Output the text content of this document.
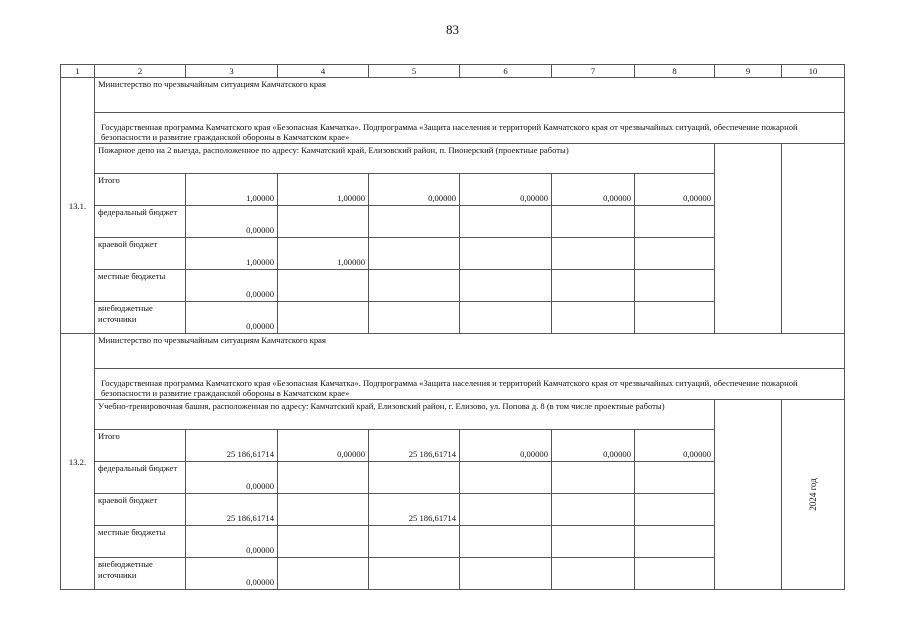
83
1	2	3	4	5	6	7	8	9	10
13.1.	Министерство по чрезвычайным ситуациям Камчатского края								
	Государственная программа Камчатского края «Безопасная Камчатка». Подпрограмма «Защита населения и территорий Камчатского края от чрезвычайных ситуаций, обеспечение пожарной безопасности и развитие гражданской обороны в Камчатском крае»								
	Пожарное депо на 2 выезда, расположенное по адресу: Камчатский край, Елизовский район, п. Пионерский (проектные работы)								
	Итого	1,00000	1,00000	0,00000	0,00000	0,00000	0,00000		
	федеральный бюджет	0,00000							
	краевой бюджет	1,00000	1,00000						
	местные бюджеты	0,00000							
	внебюджетные источники	0,00000							
13.2.	Министерство по чрезвычайным ситуациям Камчатского края								
	Государственная программа Камчатского края «Безопасная Камчатка». Подпрограмма «Защита населения и территорий Камчатского края от чрезвычайных ситуаций, обеспечение пожарной безопасности и развитие гражданской обороны в Камчатском крае»								
	Учебно-тренировочная башня, расположенная по адресу: Камчатский край, Елизовский район, г. Елизово, ул. Попова д. 8 (в том числе проектные работы)								2024 год
	Итого	25 186,61714	0,00000	25 186,61714	0,00000	0,00000	0,00000		
	федеральный бюджет	0,00000							
	краевой бюджет	25 186,61714		25 186,61714					
	местные бюджеты	0,00000							
	внебюджетные источники	0,00000							
